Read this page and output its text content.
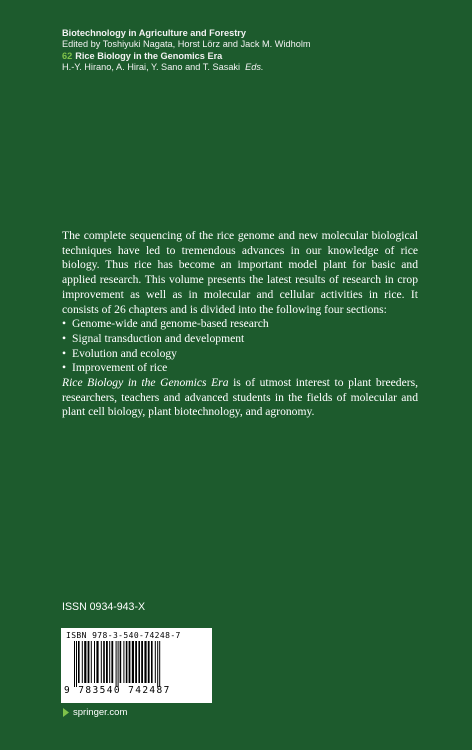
Biotechnology in Agriculture and Forestry
Edited by Toshiyuki Nagata, Horst Lörz and Jack M. Widholm
62 Rice Biology in the Genomics Era
H.-Y. Hirano, A. Hirai, Y. Sano and T. Sasaki Eds.

The complete sequencing of the rice genome and new molecular biological techniques have led to tremendous advances in our knowledge of rice biology. Thus rice has become an important model plant for basic and applied research. This volume presents the latest results of research in crop improvement as well as in molecular and cellular activities in rice. It consists of 26 chapters and is divided into the following four sections:

• Genome-wide and genome-based research
• Signal transduction and development
• Evolution and ecology
• Improvement of rice

Rice Biology in the Genomics Era is of utmost interest to plant breeders, researchers, teachers and advanced students in the fields of molecular and plant cell biology, plant biotechnology, and agronomy.

ISSN 0934-943-X
ISBN 978-3-540-74248-7
9 783540 742487
springer.com
